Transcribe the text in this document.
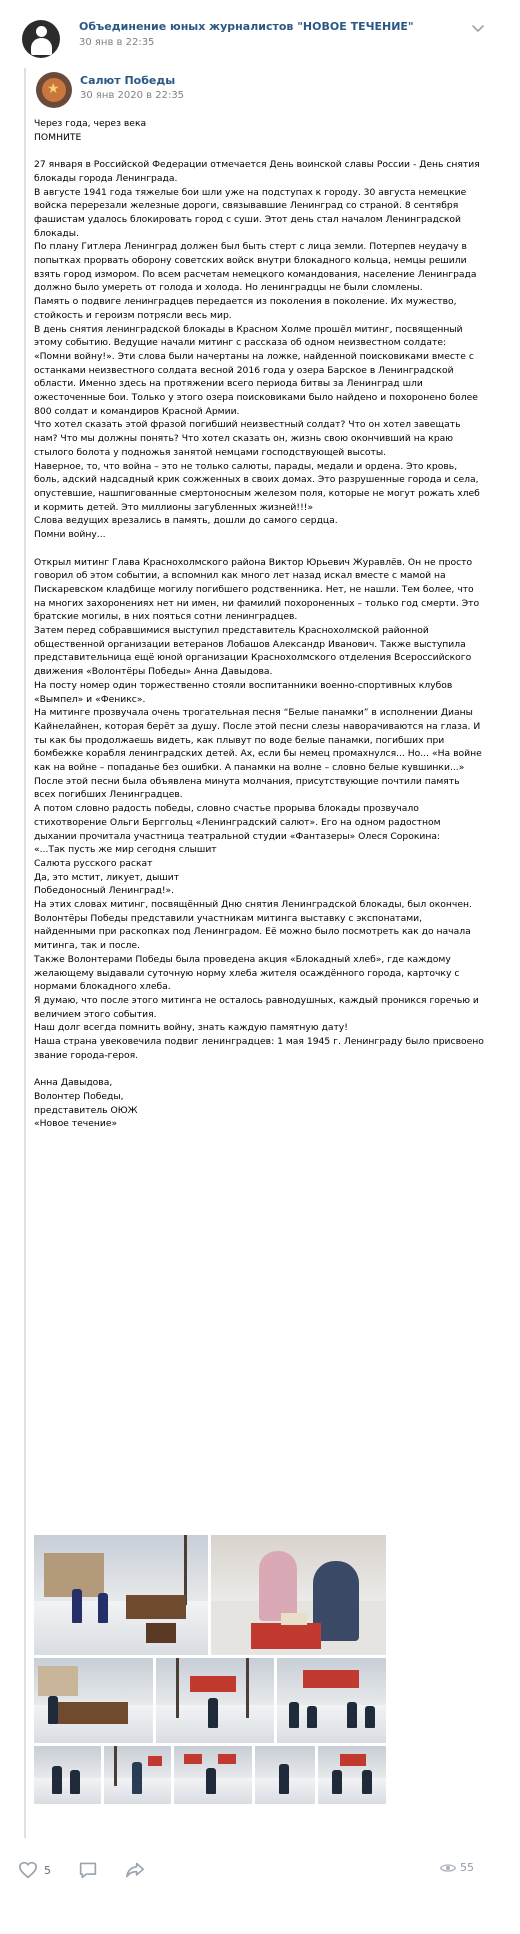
Объединение юных журналистов "НОВОЕ ТЕЧЕНИЕ"
30 янв в 22:35
★
Салют Победы
30 янв 2020 в 22:35

Через года, через века
ПОМНИТЕ

27 января в Российской Федерации отмечается День воинской славы России - День снятия блокады города Ленинграда.

В августе 1941 года тяжелые бои шли уже на подступах к городу. 30 августа немецкие войска перерезали железные дороги, связывавшие Ленинград со страной. 8 сентября фашистам удалось блокировать город с суши. Этот день стал началом Ленинградской блокады.

По плану Гитлера Ленинград должен был быть стерт с лица земли. Потерпев неудачу в попытках прорвать оборону советских войск внутри блокадного кольца, немцы решили взять город измором. По всем расчетам немецкого командования, население Ленинграда должно было умереть от голода и холода. Но ленинградцы не были сломлены.

Память о подвиге ленинградцев передается из поколения в поколение. Их мужество, стойкость и героизм потрясли весь мир.

В день снятия ленинградской блокады в Красном Холме прошёл митинг, посвященный этому событию. Ведущие начали митинг с рассказа об одном неизвестном солдате:

«Помни войну!». Эти слова были начертаны на ложке, найденной поисковиками вместе с останками неизвестного солдата весной 2016 года у озера Барское в Ленинградской области. Именно здесь на протяжении всего периода битвы за Ленинград шли ожесточенные бои. Только у этого озера поисковиками было найдено и похоронено более 800 солдат и командиров Красной Армии.

Что хотел сказать этой фразой погибший неизвестный солдат? Что он хотел завещать нам? Что мы должны понять? Что хотел сказать он, жизнь свою окончивший на краю стылого болота у подножья занятой немцами господствующей высоты.

Наверное, то, что война – это не только салюты, парады, медали и ордена. Это кровь, боль, адский надсадный крик сожженных в своих домах. Это разрушенные города и села, опустевшие, нашпигованные смертоносным железом поля, которые не могут рожать хлеб и кормить детей. Это миллионы загубленных жизней!!!»

Слова ведущих врезались в память, дошли до самого сердца.

Помни войну...

Открыл митинг Глава Краснохолмского района Виктор Юрьевич Журавлёв. Он не просто говорил об этом событии, а вспомнил как много лет назад искал вместе с мамой на Пискаревском кладбище могилу погибшего родственника. Нет, не нашли. Тем более, что на многих захоронениях нет ни имен, ни фамилий похороненных – только год смерти. Это братские могилы, в них пояться сотни ленинградцев.

Затем перед собравшимися выступил представитель Краснохолмской районной общественной организации ветеранов Лобашов Александр Иванович. Также выступила представительница ещё юной организации Краснохолмского отделения Всероссийского движения «Волонтёры Победы» Анна Давыдова.

На посту номер один торжественно стояли воспитанники военно-спортивных клубов «Вымпел» и «Феникс».

На митинге прозвучала очень трогательная песня “Белые панамки” в исполнении Дианы Кайнелайнен, которая берёт за душу. После этой песни слезы наворачиваются на глаза. И ты как бы продолжаешь видеть, как плывут по воде белые панамки, погибших при бомбежке корабля ленинградских детей. Ах, если бы немец промахнулся... Но... «На войне как на войне – попаданье без ошибки. А панамки на волне – словно белые кувшинки...»

После этой песни была объявлена минута молчания, присутствующие почтили память всех погибших Ленинградцев.

А потом словно радость победы, словно счастье прорыва блокады прозвучало стихотворение Ольги Берггольц «Ленинградский салют». Его на одном радостном дыхании прочитала участница театральной студии «Фантазеры» Олеся Сорокина:

«...Так пусть же мир сегодня слышит
Салюта русского раскат
Да, это мстит, ликует, дышит
Победоносный Ленинград!».

На этих словах митинг, посвящённый Дню снятия Ленинградской блокады, был окончен.

Волонтёры Победы представили участникам митинга выставку с экспонатами, найденными при раскопках под Ленинградом. Её можно было посмотреть как до начала митинга, так и после.

Также Волонтерами Победы была проведена акция «Блокадный хлеб», где каждому желающему выдавали суточную норму хлеба жителя осаждённого города, карточку с нормами блокадного хлеба.

Я думаю, что после этого митинга не осталось равнодушных, каждый проникся горечью и величием этого события.

Наш долг всегда помнить войну, знать каждую памятную дату!

Наша страна увековечила подвиг ленинградцев: 1 мая 1945 г. Ленинграду было присвоено звание города-героя.

Анна Давыдова,
Волонтер Победы,
представитель ОЮЖ
«Новое течение»

5	55
